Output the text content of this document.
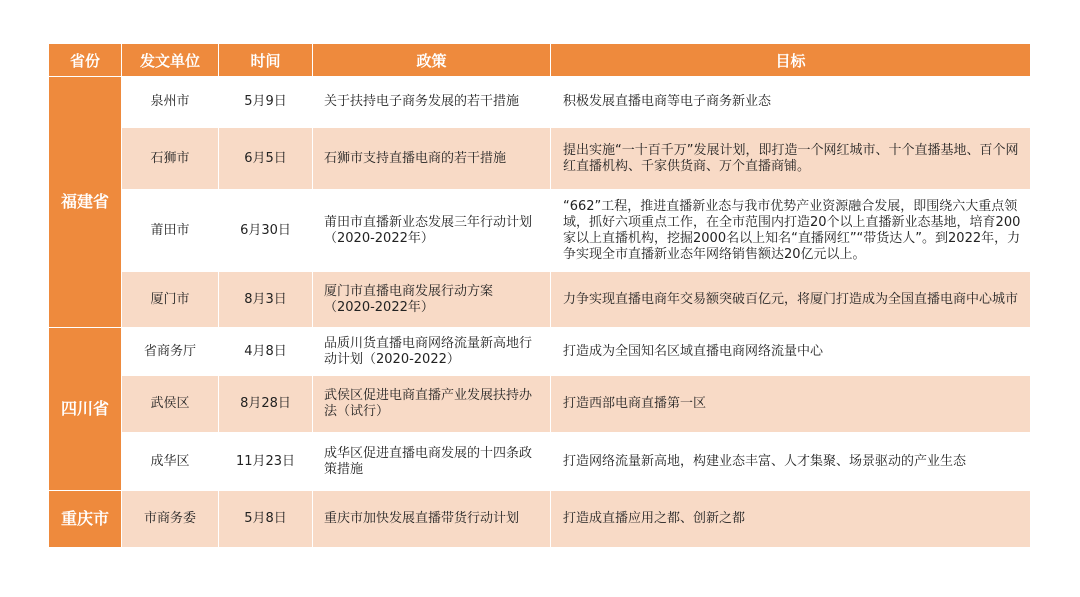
省份	发文单位	时间	政策	目标
福建省	泉州市	5月9日	关于扶持电子商务发展的若干措施	积极发展直播电商等电子商务新业态
	石狮市	6月5日	石狮市支持直播电商的若干措施	提出实施“一十百千万”发展计划，即打造一个网红城市、十个直播基地、百个网红直播机构、千家供货商、万个直播商铺。
	莆田市	6月30日	莆田市直播新业态发展三年行动计划（2020-2022年）	“662”工程，推进直播新业态与我市优势产业资源融合发展，即围绕六大重点领域，抓好六项重点工作，在全市范围内打造20个以上直播新业态基地，培育200家以上直播机构，挖掘2000名以上知名“直播网红”“带货达人”。到2022年，力争实现全市直播新业态年网络销售额达20亿元以上。
	厦门市	8月3日	厦门市直播电商发展行动方案（2020-2022年）	力争实现直播电商年交易额突破百亿元，将厦门打造成为全国直播电商中心城市
四川省	省商务厅	4月8日	品质川货直播电商网络流量新高地行动计划（2020-2022）	打造成为全国知名区域直播电商网络流量中心
	武侯区	8月28日	武侯区促进电商直播产业发展扶持办法（试行）	打造西部电商直播第一区
	成华区	11月23日	成华区促进直播电商发展的十四条政策措施	打造网络流量新高地，构建业态丰富、人才集聚、场景驱动的产业生态
重庆市	市商务委	5月8日	重庆市加快发展直播带货行动计划	打造成直播应用之都、创新之都
